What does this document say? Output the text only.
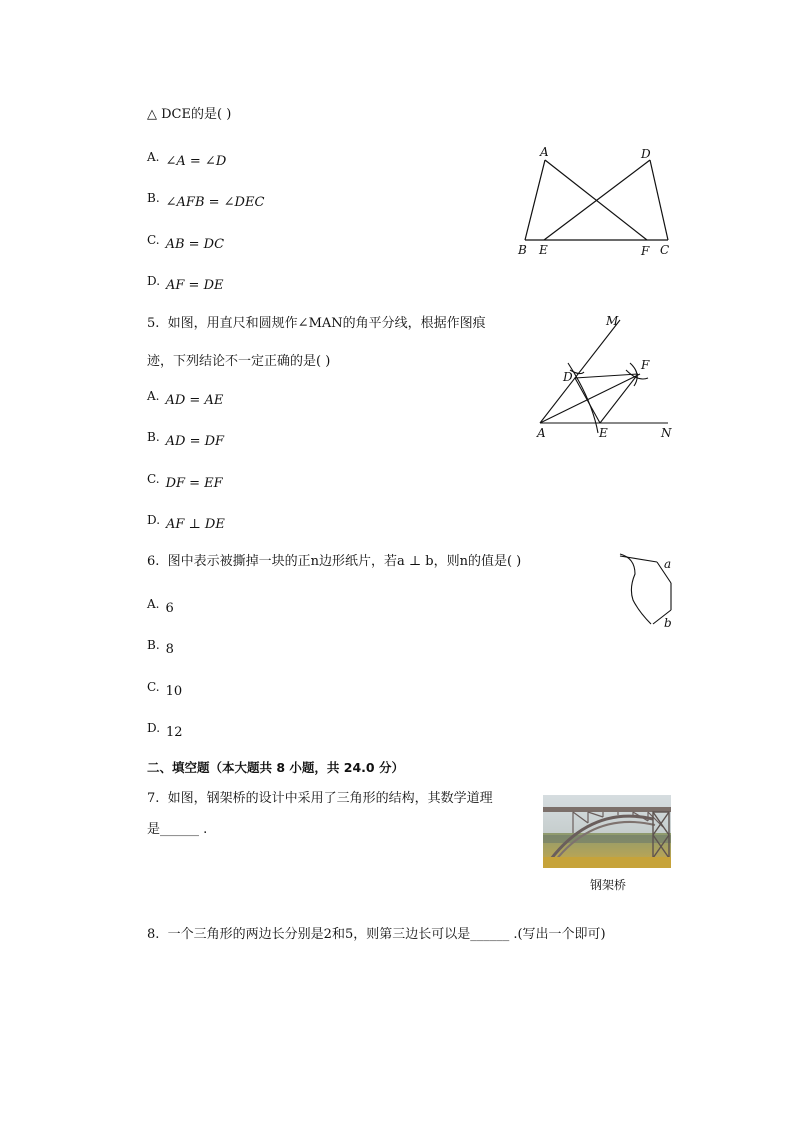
△ DCE的是( )
A. ∠A = ∠D
B. ∠AFB = ∠DEC
C. AB = DC
D. AF = DE
A	D
B E	F C
5. 如图，用直尺和圆规作∠MAN的角平分线，根据作图痕
迹，下列结论不一定正确的是( )
A. AD = AE
B. AD = DF
C. DF = EF
D. AF ⊥ DE
M
F
D
A	E	N
6. 图中表示被撕掉一块的正n边形纸片，若a ⊥ b，则n的值是( )
A. 6
B. 8
C. 10
D. 12
a
b
二、填空题（本大题共 8 小题，共 24.0 分）
7. 如图，钢架桥的设计中采用了三角形的结构，其数学道理
是______ .
钢架桥
8. 一个三角形的两边长分别是2和5，则第三边长可以是______ .(写出一个即可)
